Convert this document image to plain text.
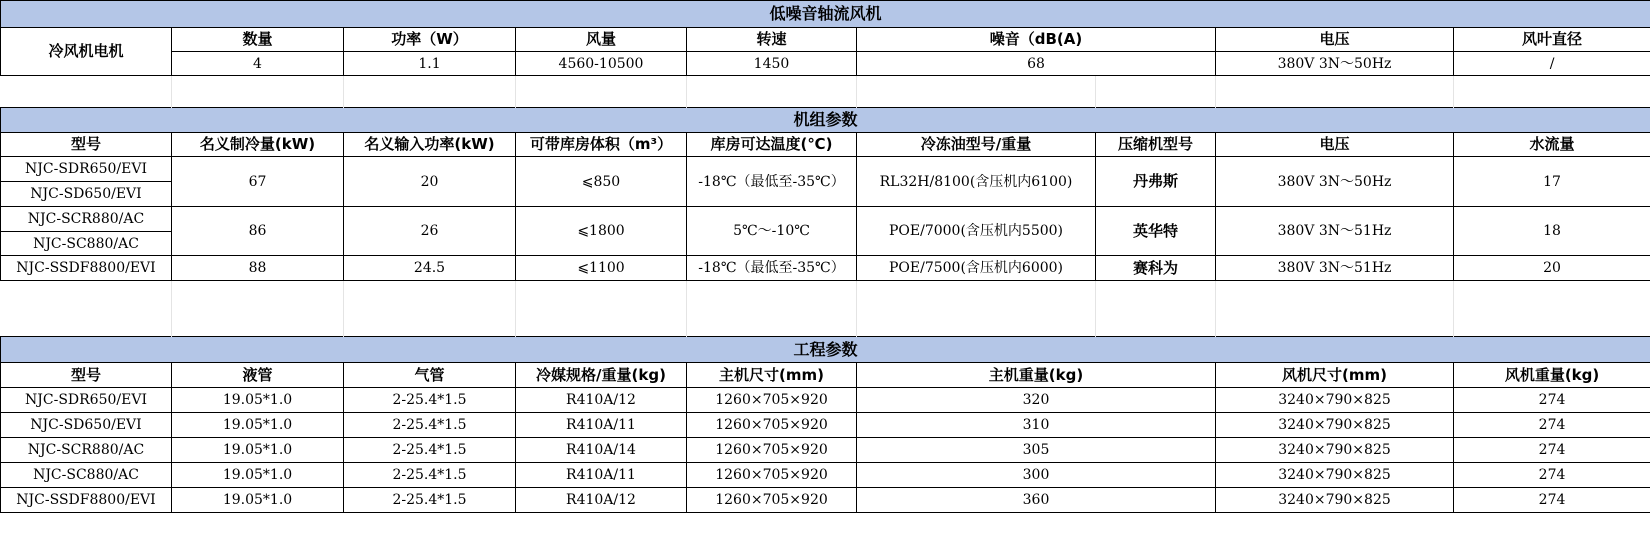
低噪音轴流风机								
冷风机电机	数量	功率（W）	风量	转速	噪音（dB(A)		电压	风叶直径
	4	1.1	4560-10500	1450	68		380V 3N～50Hz	/

机组参数								
型号	名义制冷量(kW)	名义输入功率(kW)	可带库房体积（m³）	库房可达温度(℃)	冷冻油型号/重量	压缩机型号	电压	水流量
NJC-SDR650/EVI	67	20	⩽850	-18℃（最低至-35℃）	RL32H/8100(含压机内6100)	丹弗斯	380V 3N～50Hz	17
NJC-SD650/EVI								
NJC-SCR880/AC	86	26	⩽1800	5℃～-10℃	POE/7000(含压机内5500)	英华特	380V 3N～51Hz	18
NJC-SC880/AC								
NJC-SSDF8800/EVI	88	24.5	⩽1100	-18℃（最低至-35℃）	POE/7500(含压机内6000)	赛科为	380V 3N～51Hz	20

工程参数								
型号	液管	气管	冷媒规格/重量(kg)	主机尺寸(mm)	主机重量(kg)		风机尺寸(mm)	风机重量(kg)
NJC-SDR650/EVI	19.05*1.0	2-25.4*1.5	R410A/12	1260×705×920	320		3240×790×825	274
NJC-SD650/EVI	19.05*1.0	2-25.4*1.5	R410A/11	1260×705×920	310		3240×790×825	274
NJC-SCR880/AC	19.05*1.0	2-25.4*1.5	R410A/14	1260×705×920	305		3240×790×825	274
NJC-SC880/AC	19.05*1.0	2-25.4*1.5	R410A/11	1260×705×920	300		3240×790×825	274
NJC-SSDF8800/EVI	19.05*1.0	2-25.4*1.5	R410A/12	1260×705×920	360		3240×790×825	274
